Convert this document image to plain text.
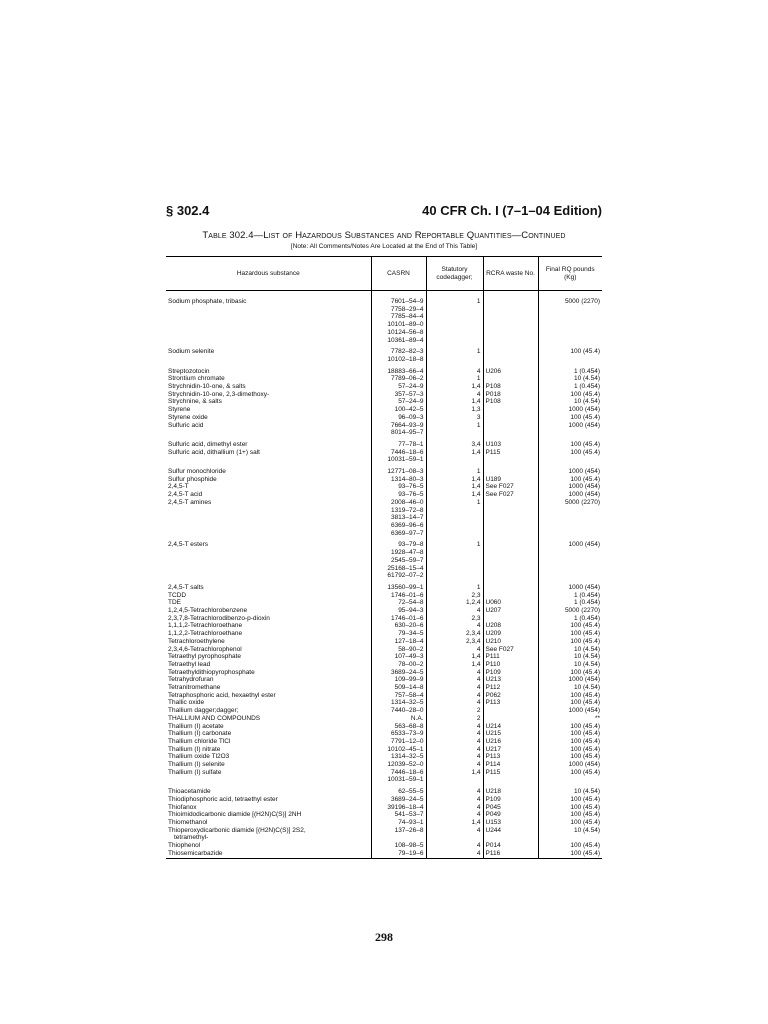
§ 302.4	40 CFR Ch. I (7–1–04 Edition)
Table 302.4—List of Hazardous Substances and Reportable Quantities—Continued
[Note: All Comments/Notes Are Located at the End of This Table]
Hazardous substance	CASRN	Statutory codedagger;	RCRA waste No.	Final RQ pounds (Kg)
Sodium phosphate, tribasic	7601–54–9	1		5000 (2270)
	7758–29–4			
	7785–84–4			
	10101–89–0			
	10124–56–8			
	10361–89–4			

Sodium selenite	7782–82–3	1		100 (45.4)
	10102–18–8			

Streptozotocin	18883–66–4	4	U206	1 (0.454)
Strontium chromate	7789–06–2	1		10 (4.54)
Strychnidin-10-one, & salts	57–24–9	1,4	P108	1 (0.454)
Strychnidin-10-one, 2,3-dimethoxy-	357–57–3	4	P018	100 (45.4)
Strychnine, & salts	57–24–9	1,4	P108	10 (4.54)
Styrene	100–42–5	1,3		1000 (454)
Styrene oxide	96–09–3	3		100 (45.4)
Sulfuric acid	7664–93–9	1		1000 (454)
	8014–95–7			

Sulfuric acid, dimethyl ester	77–78–1	3,4	U103	100 (45.4)
Sulfuric acid, dithallium (1+) salt	7446–18–6	1,4	P115	100 (45.4)
	10031–59–1			

Sulfur monochloride	12771–08–3	1		1000 (454)
Sulfur phosphide	1314–80–3	1,4	U189	100 (45.4)
2,4,5-T	93–76–5	1,4	See F027	1000 (454)
2,4,5-T acid	93–76–5	1,4	See F027	1000 (454)
2,4,5-T amines	2008–46–0	1		5000 (2270)
	1319–72–8			
	3813–14–7			
	6369–96–6			
	6369–97–7			

2,4,5-T esters	93–79–8	1		1000 (454)
	1928–47–8			
	2545–59–7			
	25168–15–4			
	61792–07–2			

2,4,5-T salts	13560–99–1	1		1000 (454)
TCDD	1746–01–6	2,3		1 (0.454)
TDE	72–54–8	1,2,4	U060	1 (0.454)
1,2,4,5-Tetrachlorobenzene	95–94–3	4	U207	5000 (2270)
2,3,7,8-Tetrachlorodibenzo-p-dioxin	1746–01–6	2,3		1 (0.454)
1,1,1,2-Tetrachloroethane	630–20–6	4	U208	100 (45.4)
1,1,2,2-Tetrachloroethane	79–34–5	2,3,4	U209	100 (45.4)
Tetrachloroethylene	127–18–4	2,3,4	U210	100 (45.4)
2,3,4,6-Tetrachlorophenol	58–90–2	4	See F027	10 (4.54)
Tetraethyl pyrophosphate	107–49–3	1,4	P111	10 (4.54)
Tetraethyl lead	78–00–2	1,4	P110	10 (4.54)
Tetraethyldithiopyrophosphate	3689–24–5	4	P109	100 (45.4)
Tetrahydrofuran	109–99–9	4	U213	1000 (454)
Tetranitromethane	509–14–8	4	P112	10 (4.54)
Tetraphosphoric acid, hexaethyl ester	757–58–4	4	P062	100 (45.4)
Thallic oxide	1314–32–5	4	P113	100 (45.4)
Thallium dagger;dagger;	7440–28–0	2		1000 (454)
THALLIUM AND COMPOUNDS	N.A.	2		**
Thallium (I) acetate	563–68–8	4	U214	100 (45.4)
Thallium (I) carbonate	6533–73–9	4	U215	100 (45.4)
Thallium chloride TlCl	7791–12–0	4	U216	100 (45.4)
Thallium (I) nitrate	10102–45–1	4	U217	100 (45.4)
Thallium oxide Tl2O3	1314–32–5	4	P113	100 (45.4)
Thallium (I) selenite	12039–52–0	4	P114	1000 (454)
Thallium (I) sulfate	7446–18–6	1,4	P115	100 (45.4)
	10031–59–1			

Thioacetamide	62–55–5	4	U218	10 (4.54)
Thiodiphosphoric acid, tetraethyl ester	3689–24–5	4	P109	100 (45.4)
Thiofanox	39196–18–4	4	P045	100 (45.4)
Thioimidodicarbonic diamide [(H2N)C(S)] 2NH	541–53–7	4	P049	100 (45.4)
Thiomethanol	74–93–1	1,4	U153	100 (45.4)
Thioperoxydicarbonic diamide [(H2N)C(S)] 2S2,	137–26–8	4	U244	10 (4.54)
tetramethyl-				
Thiophenol	108–98–5	4	P014	100 (45.4)
Thiosemicarbazide	79–19–6	4	P116	100 (45.4)
298
